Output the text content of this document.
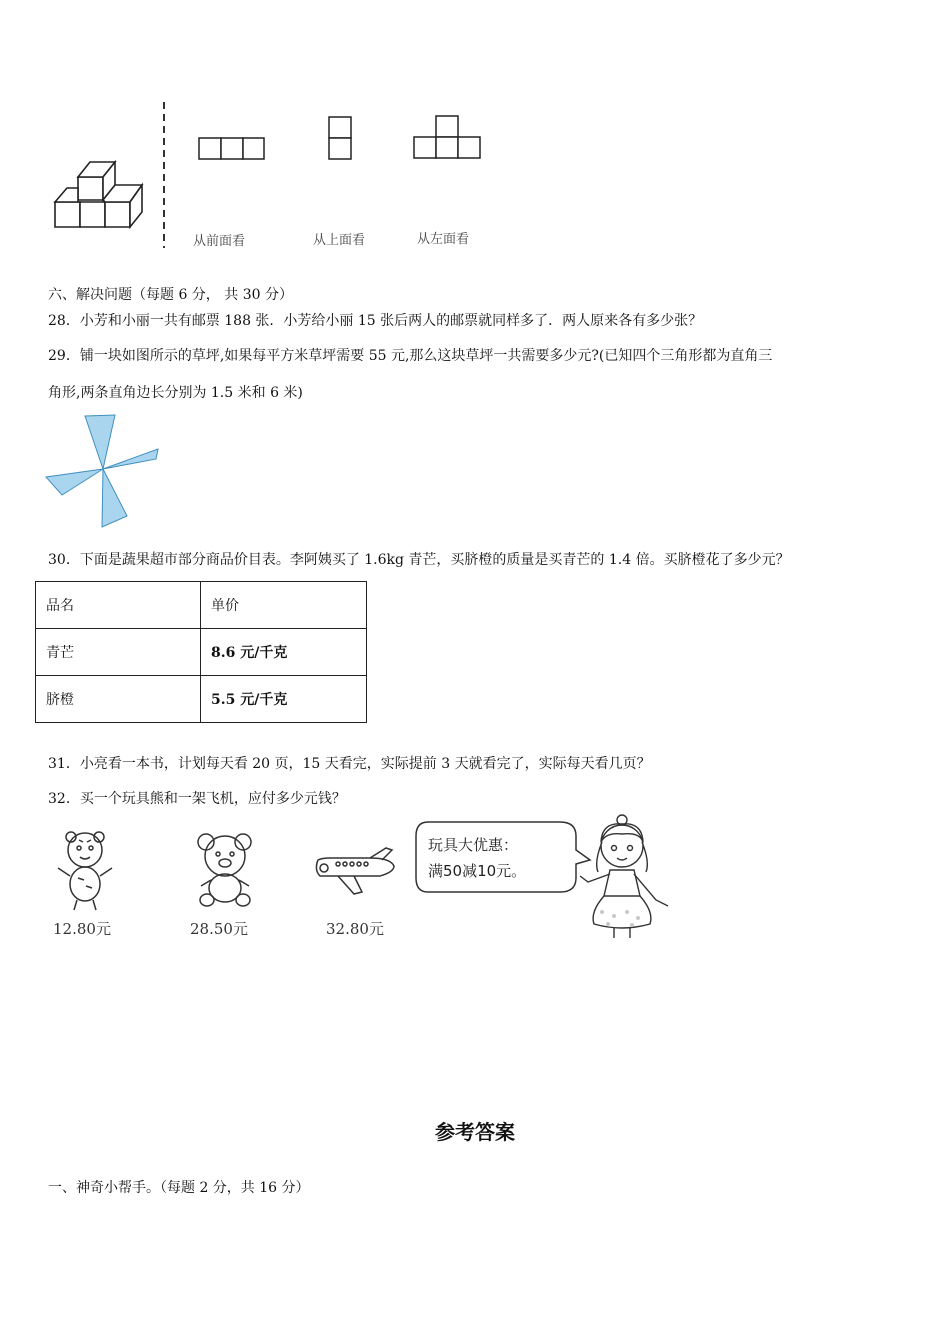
从前面看	从上面看	从左面看
六、解决问题（每题 6 分， 共 30 分）
28．小芳和小丽一共有邮票 188 张．小芳给小丽 15 张后两人的邮票就同样多了．两人原来各有多少张？
29．铺一块如图所示的草坪,如果每平方米草坪需要 55 元,那么这块草坪一共需要多少元?(已知四个三角形都为直角三
角形,两条直角边长分别为 1.5 米和 6 米)
30．下面是蔬果超市部分商品价目表。李阿姨买了 1.6kg 青芒，买脐橙的质量是买青芒的 1.4 倍。买脐橙花了多少元？
品名	单价
青芒	8.6 元/千克
脐橙	5.5 元/千克
31．小亮看一本书，计划每天看 20 页，15 天看完，实际提前 3 天就看完了，实际每天看几页？
32．买一个玩具熊和一架飞机，应付多少元钱？
12.80元	28.50元	32.80元
玩具大优惠：
满50减10元。
参考答案
一、神奇小帮手。（每题 2 分，共 16 分）
